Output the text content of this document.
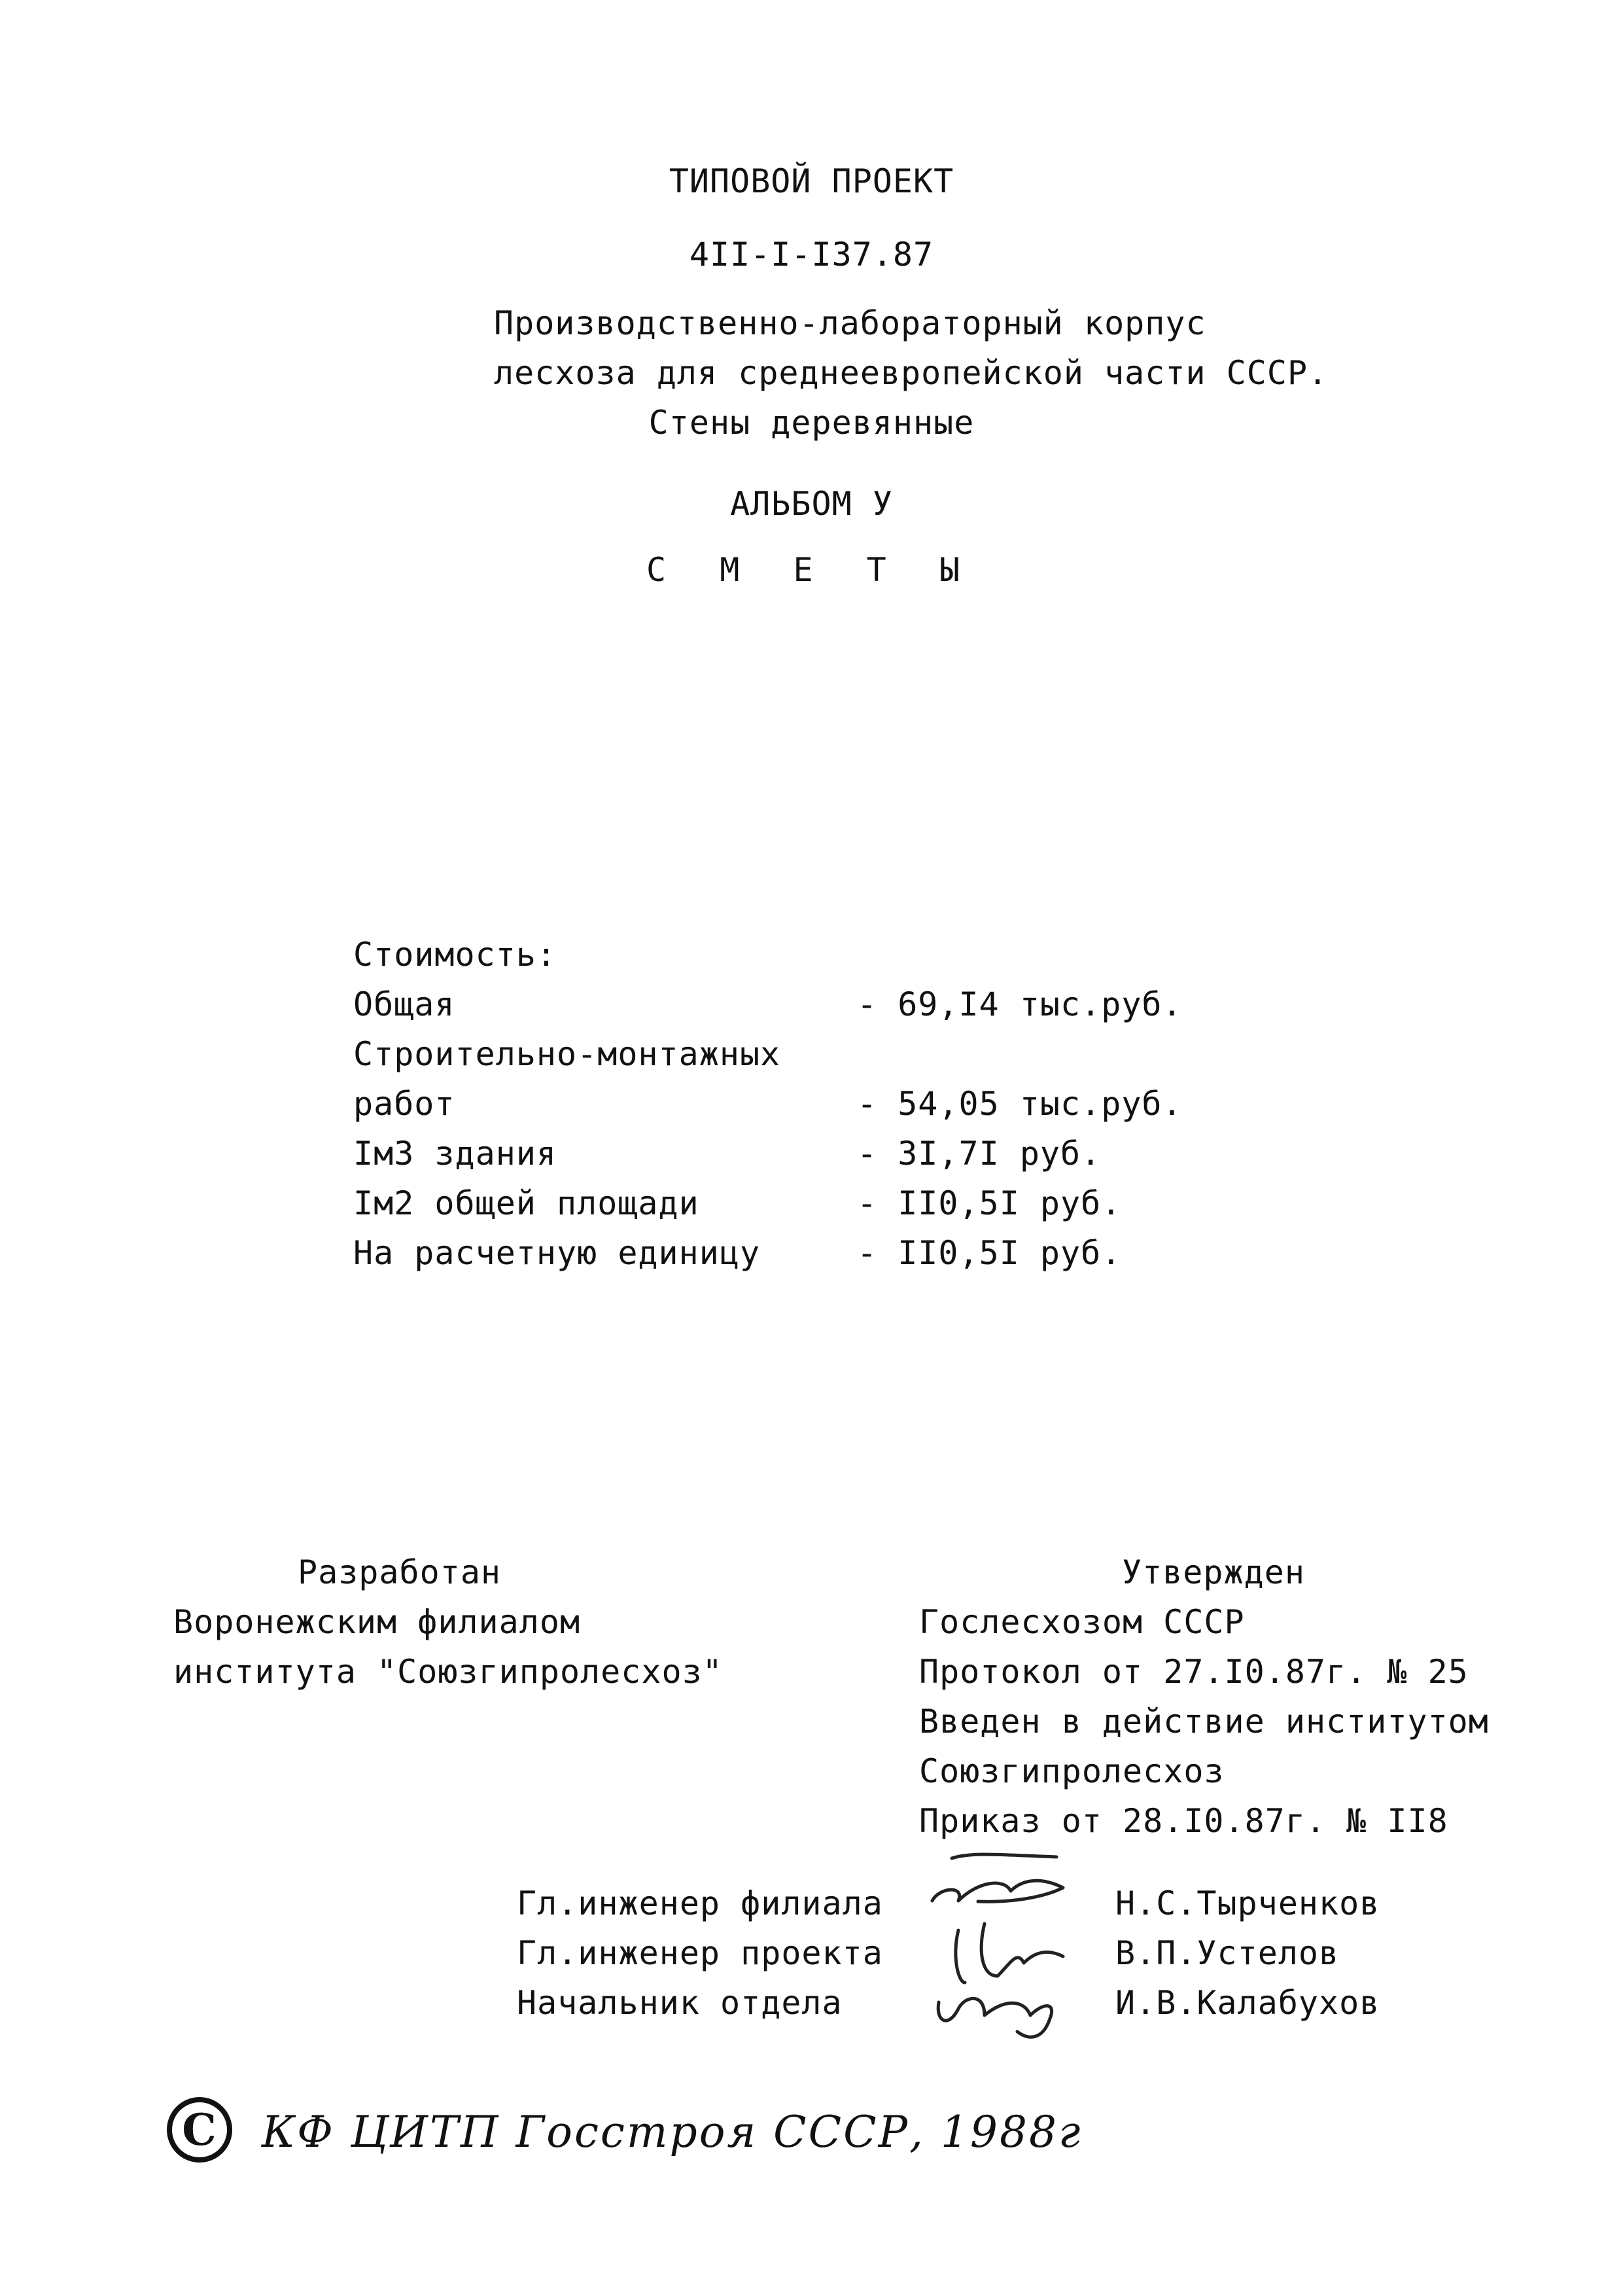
ТИПОВОЙ ПРОЕКТ
4II-I-I37.87
Производственно-лабораторный корпус
лесхоза для среднеевропейской части СССР.
Стены деревянные
АЛЬБОМ У
С М Е Т Ы
Стоимость:
Общая	- 69,I4 тыс.руб.
Строительно-монтажных
работ	- 54,05 тыс.руб.
Iм3 здания	- 3I,7I руб.
Iм2 общей площади	- II0,5I руб.
На расчетную единицу	- II0,5I руб.
Разработан
Воронежским филиалом
института "Союзгипролесхоз"
Утвержден
Гослесхозом СССР
Протокол от 27.I0.87г. № 25
Введен в действие институтом
Союзгипролесхоз
Приказ от 28.I0.87г. № II8
Гл.инженер филиала	Н.С.Тырченков
Гл.инженер проекта	В.П.Устелов
Начальник отдела	И.В.Калабухов
C	КФ ЦИТП Госстроя СССР, 1988г
